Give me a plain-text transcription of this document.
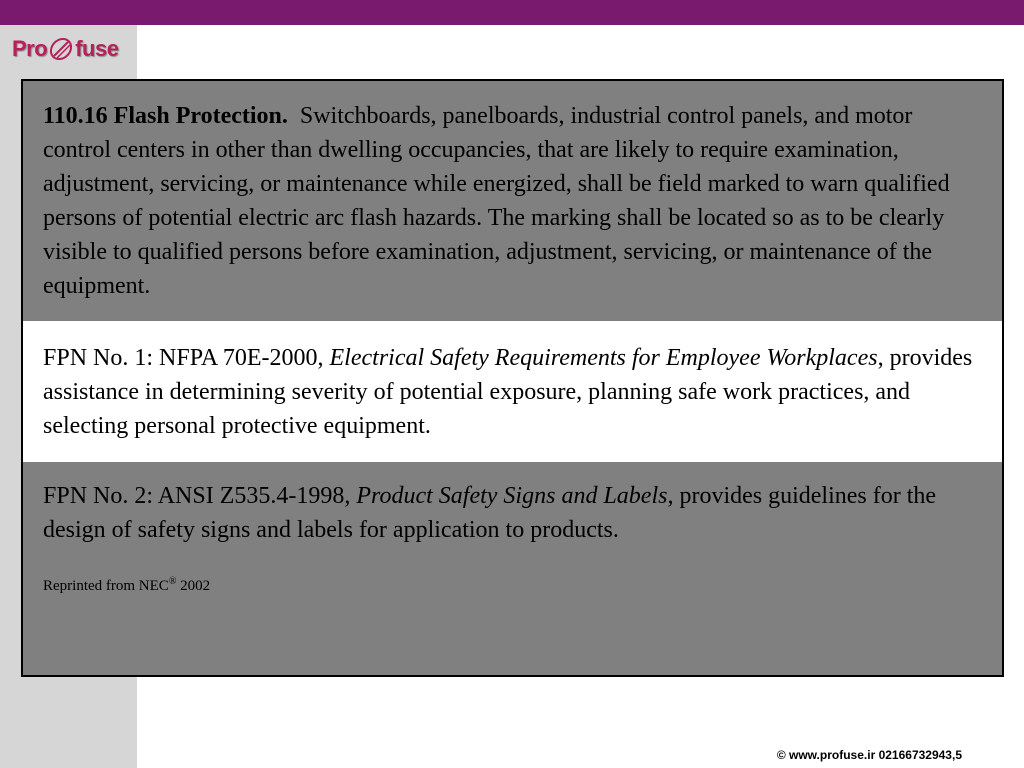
Pro fuse
110.16 Flash Protection. Switchboards, panelboards, industrial control panels, and motor control centers in other than dwelling occupancies, that are likely to require examination, adjustment, servicing, or maintenance while energized, shall be field marked to warn qualified persons of potential electric arc flash hazards. The marking shall be located so as to be clearly visible to qualified persons before examination, adjustment, servicing, or maintenance of the equipment.
FPN No. 1: NFPA 70E-2000, Electrical Safety Requirements for Employee Workplaces, provides assistance in determining severity of potential exposure, planning safe work practices, and selecting personal protective equipment.
FPN No. 2: ANSI Z535.4-1998, Product Safety Signs and Labels, provides guidelines for the design of safety signs and labels for application to products.
Reprinted from NEC® 2002
© www.profuse.ir 02166732943,5
